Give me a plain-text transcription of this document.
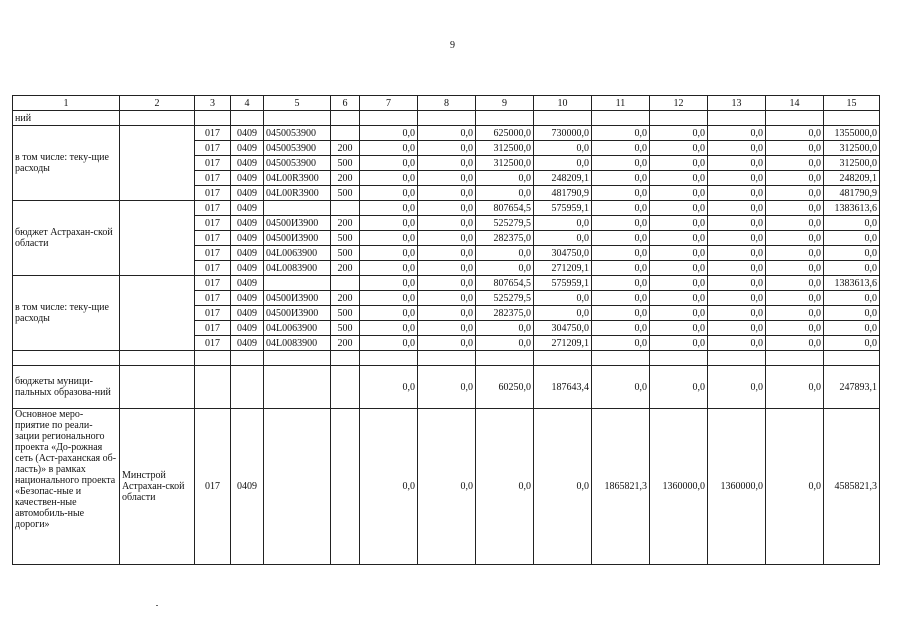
9
1	2	3	4	5	6	7	8	9	10	11	12	13	14	15
ний														
в том числе: теку-щие расходы		017	0409	0450053900		0,0	0,0	625000,0	730000,0	0,0	0,0	0,0	0,0	1355000,0
		017	0409	0450053900	200	0,0	0,0	312500,0	0,0	0,0	0,0	0,0	0,0	312500,0
		017	0409	0450053900	500	0,0	0,0	312500,0	0,0	0,0	0,0	0,0	0,0	312500,0
		017	0409	04L00R3900	200	0,0	0,0	0,0	248209,1	0,0	0,0	0,0	0,0	248209,1
		017	0409	04L00R3900	500	0,0	0,0	0,0	481790,9	0,0	0,0	0,0	0,0	481790,9
бюджет Астрахан-ской области		017	0409			0,0	0,0	807654,5	575959,1	0,0	0,0	0,0	0,0	1383613,6
		017	0409	04500И3900	200	0,0	0,0	525279,5	0,0	0,0	0,0	0,0	0,0	0,0
		017	0409	04500И3900	500	0,0	0,0	282375,0	0,0	0,0	0,0	0,0	0,0	0,0
		017	0409	04L0063900	500	0,0	0,0	0,0	304750,0	0,0	0,0	0,0	0,0	0,0
		017	0409	04L0083900	200	0,0	0,0	0,0	271209,1	0,0	0,0	0,0	0,0	0,0
в том числе: теку-щие расходы		017	0409			0,0	0,0	807654,5	575959,1	0,0	0,0	0,0	0,0	1383613,6
		017	0409	04500И3900	200	0,0	0,0	525279,5	0,0	0,0	0,0	0,0	0,0	0,0
		017	0409	04500И3900	500	0,0	0,0	282375,0	0,0	0,0	0,0	0,0	0,0	0,0
		017	0409	04L0063900	500	0,0	0,0	0,0	304750,0	0,0	0,0	0,0	0,0	0,0
		017	0409	04L0083900	200	0,0	0,0	0,0	271209,1	0,0	0,0	0,0	0,0	0,0

бюджеты муници-пальных образова-ний						0,0	0,0	60250,0	187643,4	0,0	0,0	0,0	0,0	247893,1
Основное меро-приятие по реали-зации регионального проекта «До-рожная сеть (Аст-раханская об-ласть)» в рамках национального проекта «Безопас-ные и качествен-ные автомобиль-ные дороги»	Минстрой Астрахан-ской области	017	0409			0,0	0,0	0,0	0,0	1865821,3	1360000,0	1360000,0	0,0	4585821,3
